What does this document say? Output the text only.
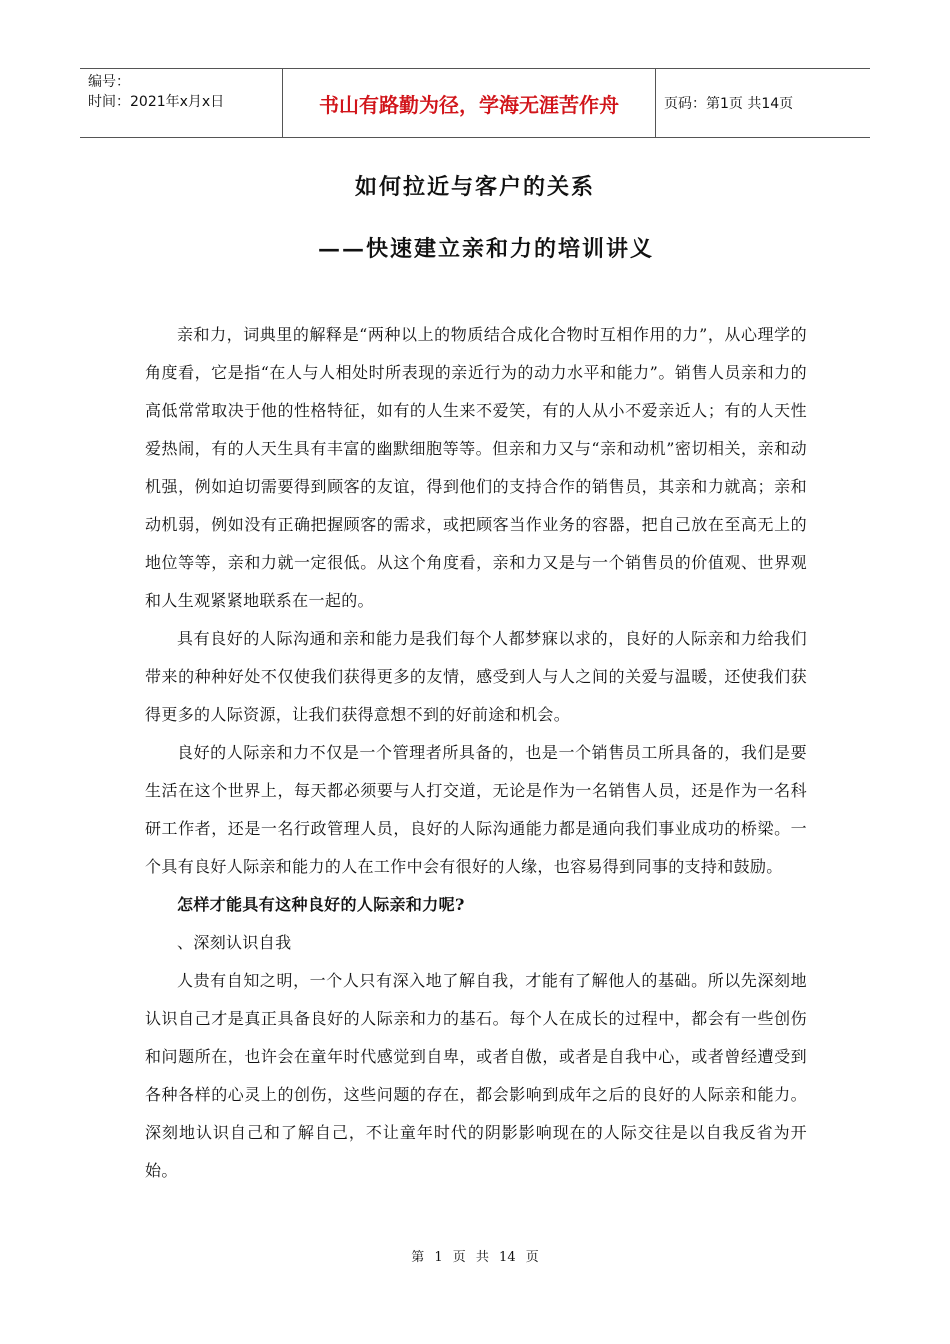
编号：
时间：2021年x月x日	书山有路勤为径，学海无涯苦作舟	页码：第1页 共14页
如何拉近与客户的关系
——快速建立亲和力的培训讲义

亲和力，词典里的解释是“两种以上的物质结合成化合物时互相作用的力”，从心理学的角度看，它是指“在人与人相处时所表现的亲近行为的动力水平和能力”。销售人员亲和力的高低常常取决于他的性格特征，如有的人生来不爱笑，有的人从小不爱亲近人；有的人天性爱热闹，有的人天生具有丰富的幽默细胞等等。但亲和力又与“亲和动机”密切相关，亲和动机强，例如迫切需要得到顾客的友谊，得到他们的支持合作的销售员，其亲和力就高；亲和动机弱，例如没有正确把握顾客的需求，或把顾客当作业务的容器，把自己放在至高无上的地位等等，亲和力就一定很低。从这个角度看，亲和力又是与一个销售员的价值观、世界观和人生观紧紧地联系在一起的。

具有良好的人际沟通和亲和能力是我们每个人都梦寐以求的，良好的人际亲和力给我们带来的种种好处不仅使我们获得更多的友情，感受到人与人之间的关爱与温暖，还使我们获得更多的人际资源，让我们获得意想不到的好前途和机会。

良好的人际亲和力不仅是一个管理者所具备的，也是一个销售员工所具备的，我们是要生活在这个世界上，每天都必须要与人打交道，无论是作为一名销售人员，还是作为一名科研工作者，还是一名行政管理人员，良好的人际沟通能力都是通向我们事业成功的桥梁。一个具有良好人际亲和能力的人在工作中会有很好的人缘，也容易得到同事的支持和鼓励。

怎样才能具有这种良好的人际亲和力呢?

、深刻认识自我

人贵有自知之明，一个人只有深入地了解自我，才能有了解他人的基础。所以先深刻地认识自己才是真正具备良好的人际亲和力的基石。每个人在成长的过程中，都会有一些创伤和问题所在，也许会在童年时代感觉到自卑，或者自傲，或者是自我中心，或者曾经遭受到各种各样的心灵上的创伤，这些问题的存在，都会影响到成年之后的良好的人际亲和能力。深刻地认识自己和了解自己，不让童年时代的阴影影响现在的人际交往是以自我反省为开始。

第 1 页 共 14 页
